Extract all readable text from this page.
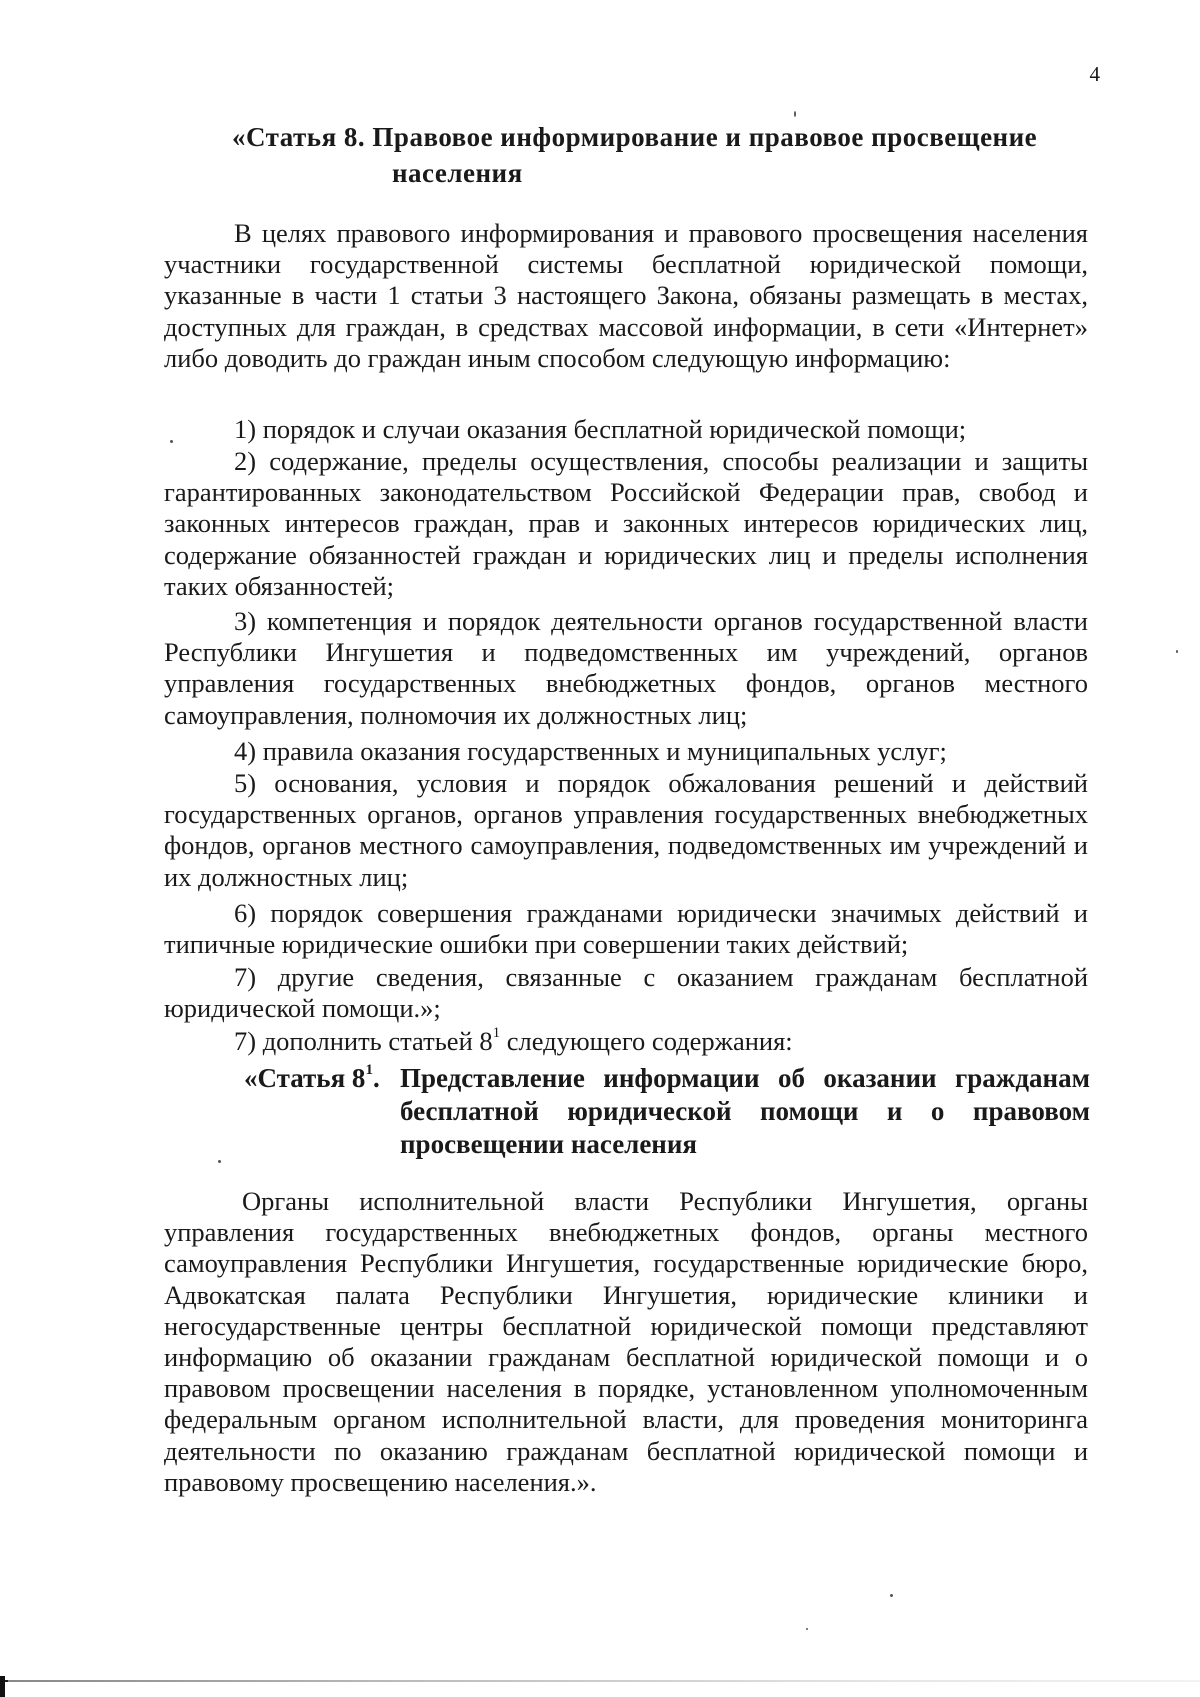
4
«Статья 8. Правовое информирование и правовое просвещение
населения
В целях правового информирования и правового просвещения населения участники государственной системы бесплатной юридической помощи, указанные в части 1 статьи 3 настоящего Закона, обязаны размещать в местах, доступных для граждан, в средствах массовой информации, в сети «Интернет» либо доводить до граждан иным способом следующую информацию:
1) порядок и случаи оказания бесплатной юридической помощи;
2) содержание, пределы осуществления, способы реализации и защиты гарантированных законодательством Российской Федерации прав, свобод и законных интересов граждан, прав и законных интересов юридических лиц, содержание обязанностей граждан и юридических лиц и пределы исполнения таких обязанностей;
3) компетенция и порядок деятельности органов государственной власти Республики Ингушетия и подведомственных им учреждений, органов управления государственных внебюджетных фондов, органов местного самоуправления, полномочия их должностных лиц;
4) правила оказания государственных и муниципальных услуг;
5) основания, условия и порядок обжалования решений и действий государственных органов, органов управления государственных внебюджетных фондов, органов местного самоуправления, подведомственных им учреждений и их должностных лиц;
6) порядок совершения гражданами юридически значимых действий и типичные юридические ошибки при совершении таких действий;
7) другие сведения, связанные с оказанием гражданам бесплатной юридической помощи.»;
7) дополнить статьей $8^1$ следующего содержания:
«Статья $8^1$. Представление информации об оказании гражданам бесплатной юридической помощи и о правовом просвещении населения
Органы исполнительной власти Республики Ингушетия, органы управления государственных внебюджетных фондов, органы местного самоуправления Республики Ингушетия, государственные юридические бюро, Адвокатская палата Республики Ингушетия, юридические клиники и негосударственные центры бесплатной юридической помощи представляют информацию об оказании гражданам бесплатной юридической помощи и о правовом просвещении населения в порядке, установленном уполномоченным федеральным органом исполнительной власти, для проведения мониторинга деятельности по оказанию гражданам бесплатной юридической помощи и правовому просвещению населения.».
